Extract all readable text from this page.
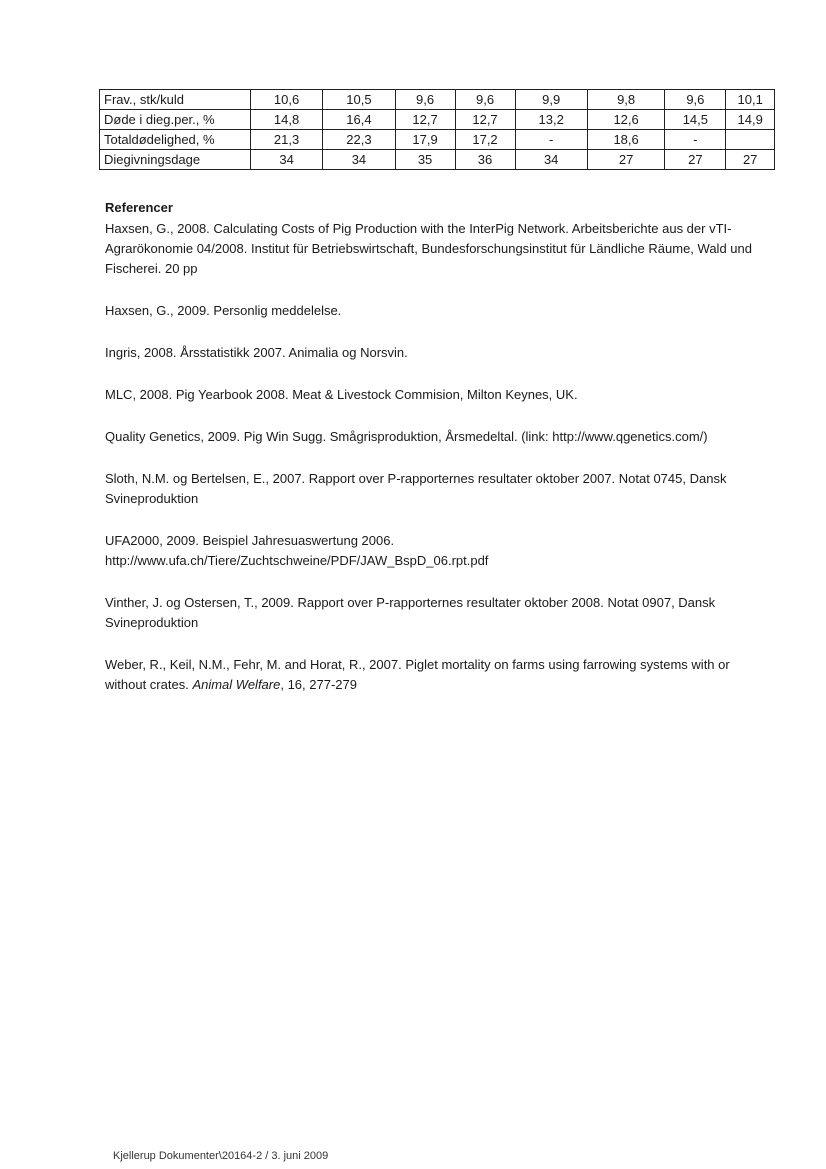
Frav., stk/kuld	10,6	10,5	9,6	9,6	9,9	9,8	9,6	10,1
Døde i dieg.per., %	14,8	16,4	12,7	12,7	13,2	12,6	14,5	14,9
Totaldødelighed, %	21,3	22,3	17,9	17,2	-	18,6	-	
Diegivningsdage	34	34	35	36	34	27	27	27
Referencer

Haxsen, G., 2008. Calculating Costs of Pig Production with the InterPig Network. Arbeitsberichte aus der vTI-Agrarökonomie 04/2008. Institut für Betriebswirtschaft, Bundesforschungsinstitut für Ländliche Räume, Wald und Fischerei. 20 pp

Haxsen, G., 2009. Personlig meddelelse.

Ingris, 2008. Årsstatistikk 2007. Animalia og Norsvin.

MLC, 2008. Pig Yearbook 2008. Meat & Livestock Commision, Milton Keynes, UK.

Quality Genetics, 2009. Pig Win Sugg. Smågrisproduktion, Årsmedeltal. (link: http://www.qgenetics.com/)

Sloth, N.M. og Bertelsen, E., 2007. Rapport over P-rapporternes resultater oktober 2007. Notat 0745, Dansk Svineproduktion

UFA2000, 2009. Beispiel Jahresuaswertung 2006. http://www.ufa.ch/Tiere/Zuchtschweine/PDF/JAW_BspD_06.rpt.pdf

Vinther, J. og Ostersen, T., 2009. Rapport over P-rapporternes resultater oktober 2008. Notat 0907, Dansk Svineproduktion

Weber, R., Keil, N.M., Fehr, M. and Horat, R., 2007. Piglet mortality on farms using farrowing systems with or without crates. Animal Welfare, 16, 277-279

Kjellerup Dokumenter\20164-2 / 3. juni 2009
